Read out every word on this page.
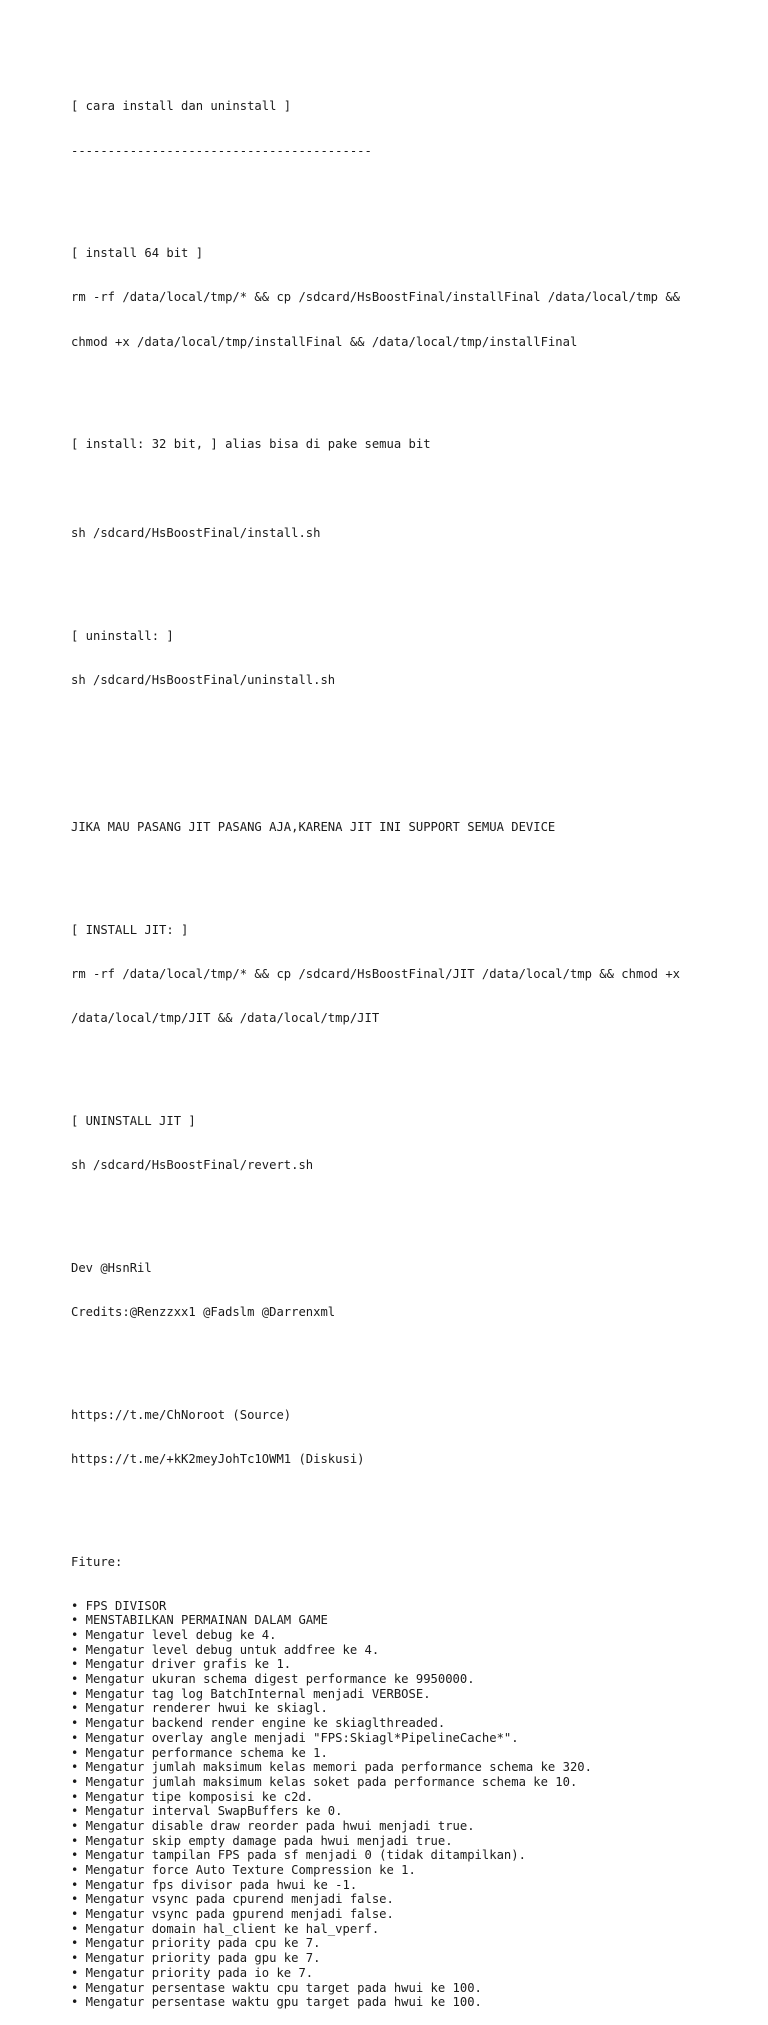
[ cara install dan uninstall ]

-----------------------------------------

[ install 64 bit ]

rm -rf /data/local/tmp/* && cp /sdcard/HsBoostFinal/installFinal /data/local/tmp &&

chmod +x /data/local/tmp/installFinal && /data/local/tmp/installFinal

[ install: 32 bit, ] alias bisa di pake semua bit

sh /sdcard/HsBoostFinal/install.sh

[ uninstall: ]

sh /sdcard/HsBoostFinal/uninstall.sh

JIKA MAU PASANG JIT PASANG AJA,KARENA JIT INI SUPPORT SEMUA DEVICE

[ INSTALL JIT: ]

rm -rf /data/local/tmp/* && cp /sdcard/HsBoostFinal/JIT /data/local/tmp && chmod +x

/data/local/tmp/JIT && /data/local/tmp/JIT

[ UNINSTALL JIT ]

sh /sdcard/HsBoostFinal/revert.sh

Dev @HsnRil

Credits:@Renzzxx1 @Fadslm @Darrenxml

https://t.me/ChNoroot (Source)

https://t.me/+kK2meyJohTc1OWM1 (Diskusi)

Fiture:

• FPS DIVISOR
• MENSTABILKAN PERMAINAN DALAM GAME
• Mengatur level debug ke 4.
• Mengatur level debug untuk addfree ke 4.
• Mengatur driver grafis ke 1.
• Mengatur ukuran schema digest performance ke 9950000.
• Mengatur tag log BatchInternal menjadi VERBOSE.
• Mengatur renderer hwui ke skiagl.
• Mengatur backend render engine ke skiaglthreaded.
• Mengatur overlay angle menjadi "FPS:Skiagl*PipelineCache*".
• Mengatur performance schema ke 1.
• Mengatur jumlah maksimum kelas memori pada performance schema ke 320.
• Mengatur jumlah maksimum kelas soket pada performance schema ke 10.
• Mengatur tipe komposisi ke c2d.
• Mengatur interval SwapBuffers ke 0.
• Mengatur disable draw reorder pada hwui menjadi true.
• Mengatur skip empty damage pada hwui menjadi true.
• Mengatur tampilan FPS pada sf menjadi 0 (tidak ditampilkan).
• Mengatur force Auto Texture Compression ke 1.
• Mengatur fps divisor pada hwui ke -1.
• Mengatur vsync pada cpurend menjadi false.
• Mengatur vsync pada gpurend menjadi false.
• Mengatur domain hal_client ke hal_vperf.
• Mengatur priority pada cpu ke 7.
• Mengatur priority pada gpu ke 7.
• Mengatur priority pada io ke 7.
• Mengatur persentase waktu cpu target pada hwui ke 100.
• Mengatur persentase waktu gpu target pada hwui ke 100.
